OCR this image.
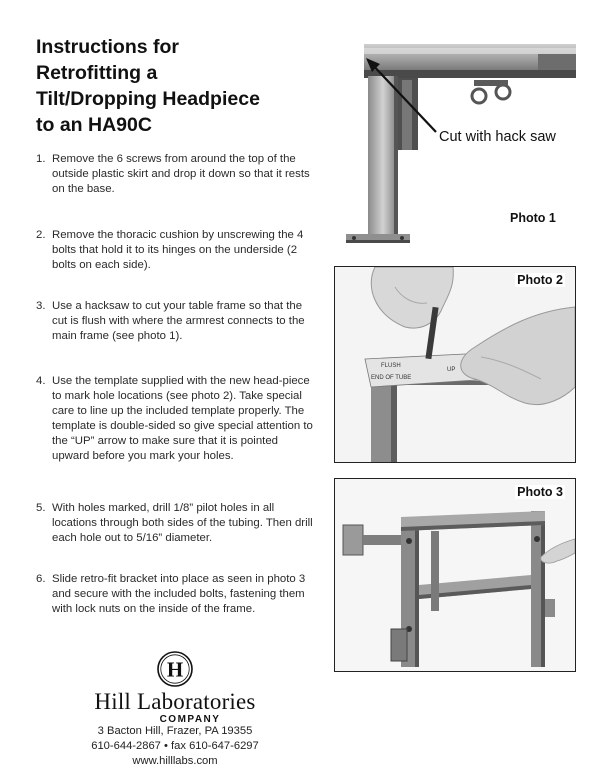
Instructions for
Retrofitting a
Tilt/Dropping Headpiece
to an HA90C
1. Remove the 6 screws from around the top of the outside plastic skirt and drop it down so that it rests on the base.
2. Remove the thoracic cushion by unscrewing the 4 bolts that hold it to its hinges on the underside (2 bolts on each side).
3. Use a hacksaw to cut your table frame so that the cut is flush with where the armrest connects to the main frame (see photo 1).
4. Use the template supplied with the new head-piece to mark hole locations (see photo 2). Take special care to line up the included template properly. The template is double-sided so give special attention to the “UP” arrow to make sure that it is pointed upward before you mark your holes.
5. With holes marked, drill 1/8” pilot holes in all locations through both sides of the tubing. Then drill each hole out to 5/16” diameter.
6. Slide retro-fit bracket into place as seen in photo 3 and secure with the included bolts, fastening them with lock nuts on the inside of the frame.
Cut with hack saw
Photo 1
FLUSH
END OF TUBE
UP
Photo 2
Photo 3
H
Hill Laboratories
COMPANY
3 Bacton Hill, Frazer, PA 19355
610-644-2867 • fax 610-647-6297
www.hilllabs.com
